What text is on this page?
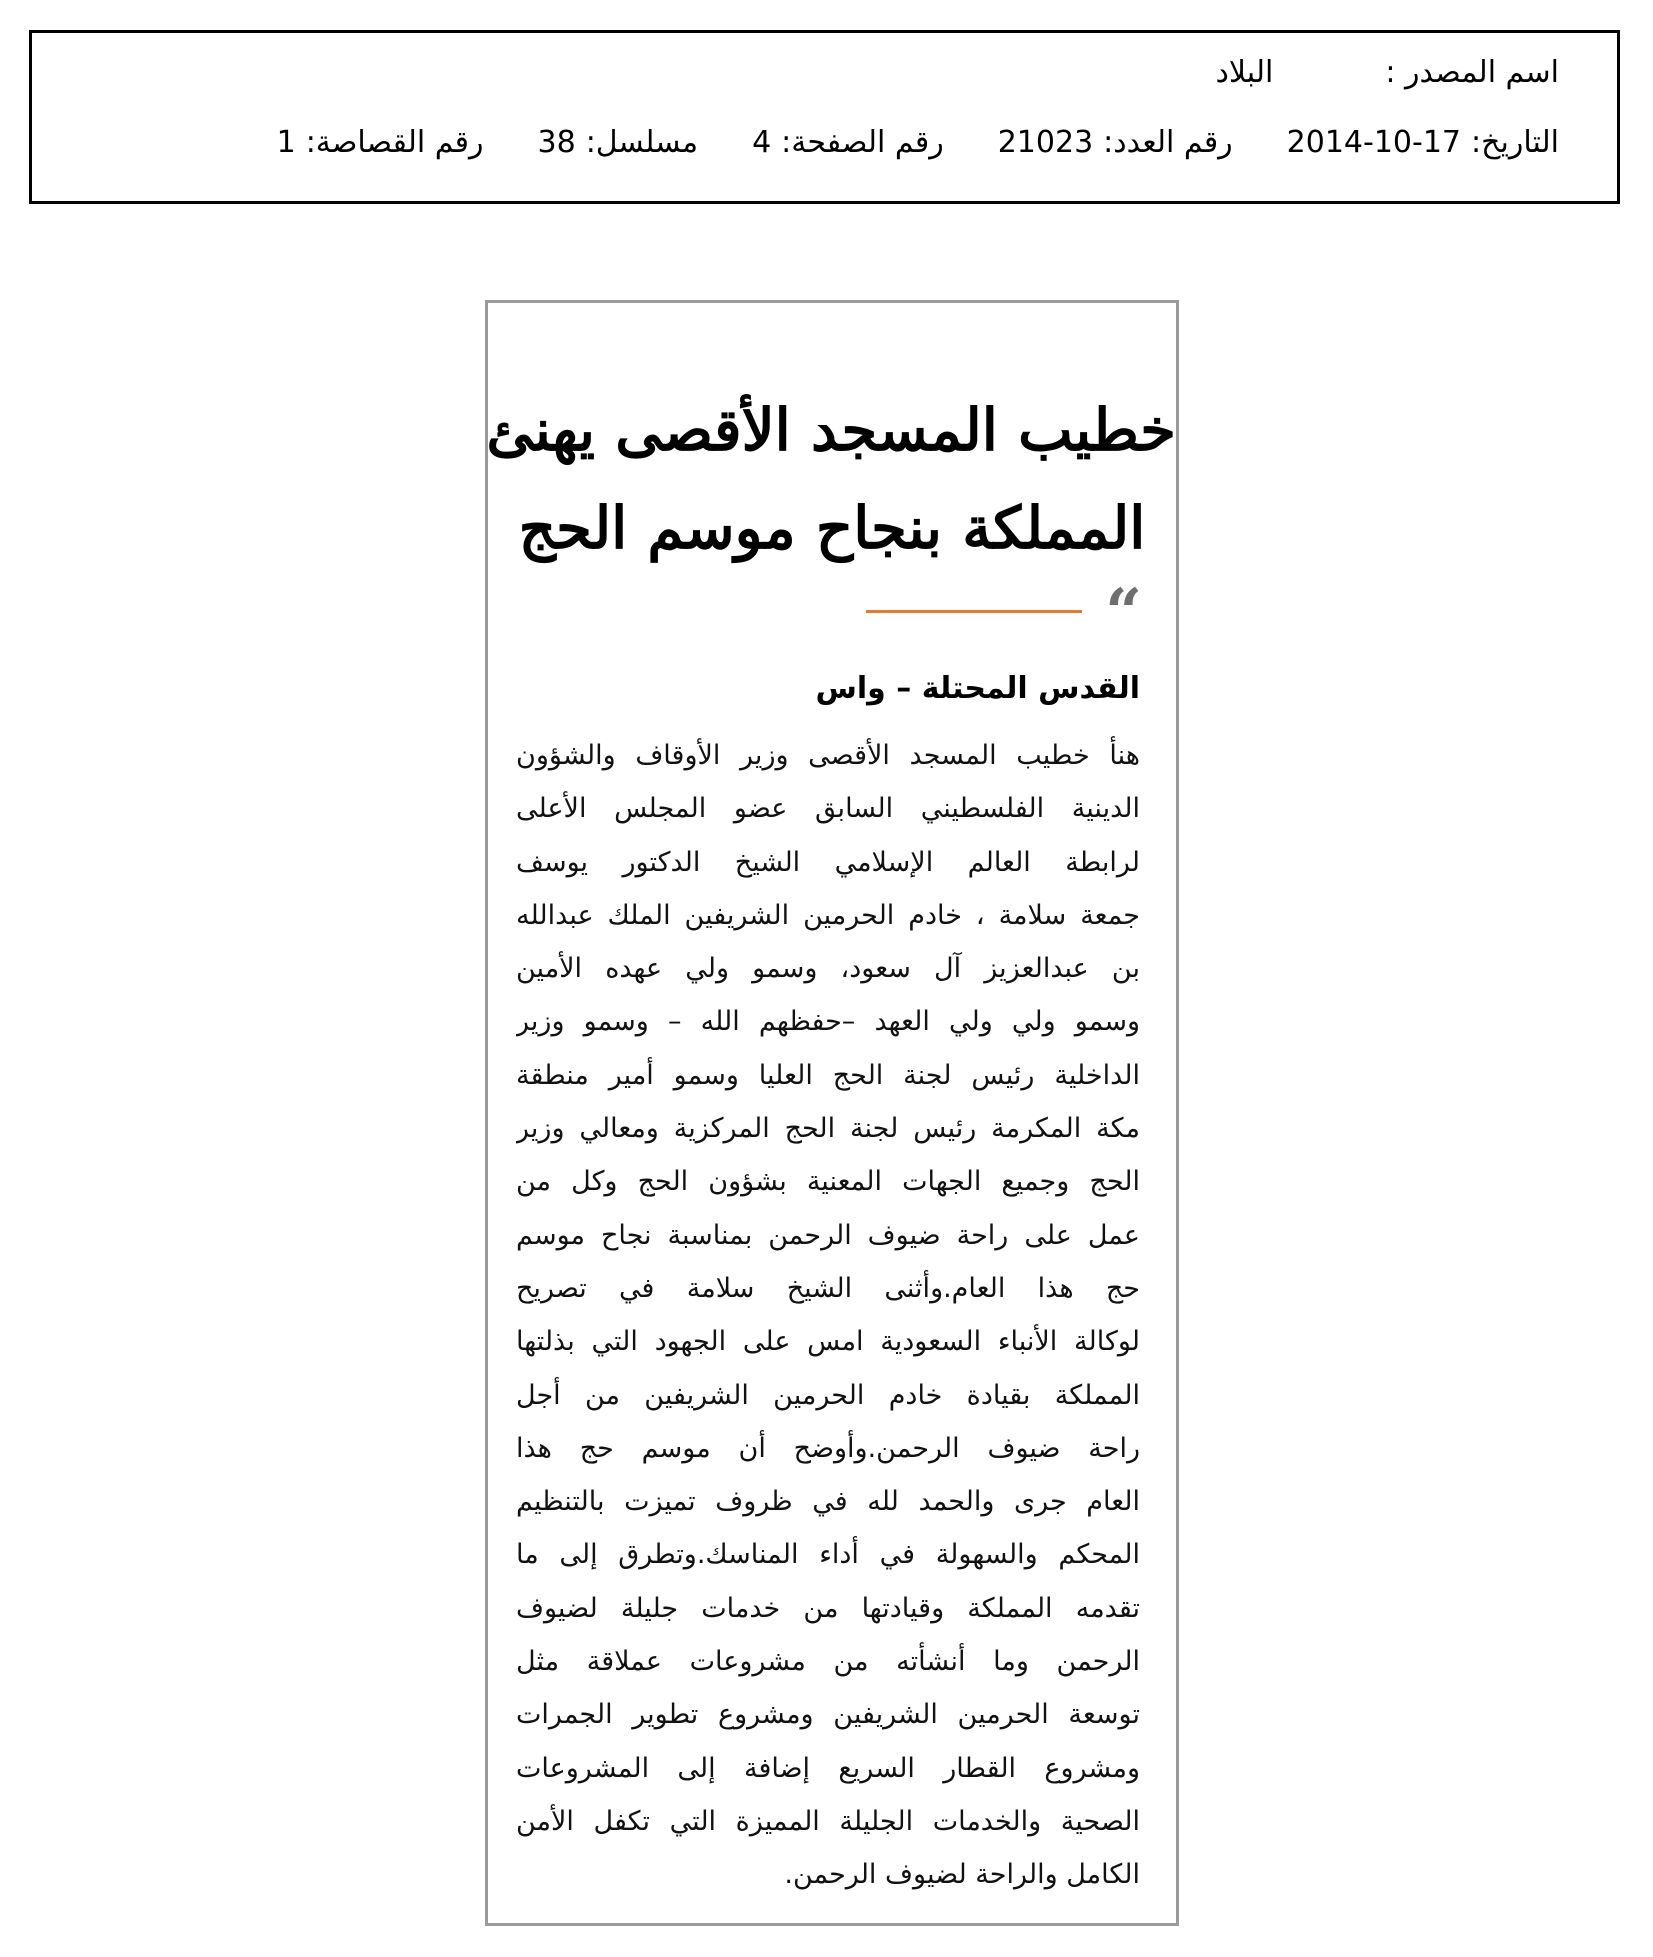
اسم المصدر :
البلاد
التاريخ:
2014-10-17
رقم العدد:
21023
رقم الصفحة:
4
مسلسل:
38
رقم القصاصة:
1
خطيب المسجد الأقصى يهنئ
المملكة بنجاح موسم الحج
“
القدس المحتلة – واس
هنأ خطيب المسجد الأقصى وزير الأوقاف والشؤون
الدينية الفلسطيني السابق عضو المجلس الأعلى
لرابطة العالم الإسلامي الشيخ الدكتور يوسف
جمعة سلامة ، خادم الحرمين الشريفين الملك عبدالله
بن عبدالعزيز آل سعود، وسمو ولي عهده الأمين
وسمو ولي ولي العهد –حفظهم الله – وسمو وزير
الداخلية رئيس لجنة الحج العليا وسمو أمير منطقة
مكة المكرمة رئيس لجنة الحج المركزية ومعالي وزير
الحج وجميع الجهات المعنية بشؤون الحج وكل من
عمل على راحة ضيوف الرحمن بمناسبة نجاح موسم
حج هذا العام.وأثنى الشيخ سلامة في تصريح
لوكالة الأنباء السعودية امس على الجهود التي بذلتها
المملكة بقيادة خادم الحرمين الشريفين من أجل
راحة ضيوف الرحمن.وأوضح أن موسم حج هذا
العام جرى والحمد لله في ظروف تميزت بالتنظيم
المحكم والسهولة في أداء المناسك.وتطرق إلى ما
تقدمه المملكة وقيادتها من خدمات جليلة لضيوف
الرحمن وما أنشأته من مشروعات عملاقة مثل
توسعة الحرمين الشريفين ومشروع تطوير الجمرات
ومشروع القطار السريع إضافة إلى المشروعات
الصحية والخدمات الجليلة المميزة التي تكفل الأمن
الكامل والراحة لضيوف الرحمن.
